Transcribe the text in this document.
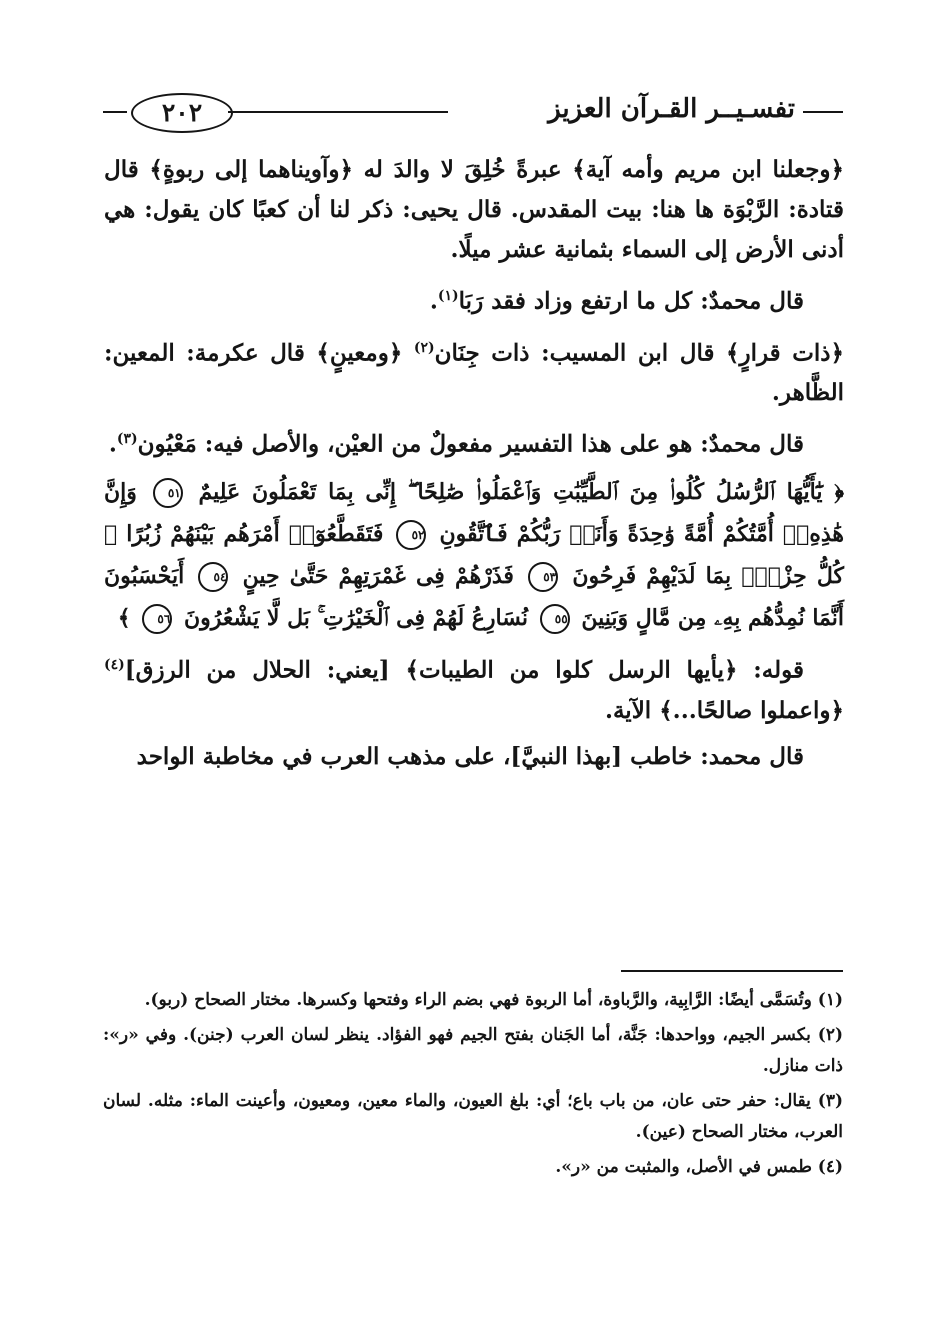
تفسـيــر القـرآن العزيز
٢٠٢

﴿وجعلنا ابن مريم وأمه آية﴾ عبرةً خُلِقَ لا والدَ له ﴿وآويناهما إلى ربوةٍ﴾ قال قتادة: الرَّبْوَة ها هنا: بيت المقدس. قال يحيى: ذكر لنا أن كعبًا كان يقول: هي أدنى الأرض إلى السماء بثمانية عشر ميلًا.

قال محمدٌ: كل ما ارتفع وزاد فقد رَبَا$^{(١)}$.

﴿ذات قرارٍ﴾ قال ابن المسيب: ذات جِنَان$^{(٢)}$ ﴿ومعينٍ﴾ قال عكرمة: المعين: الظَّاهر.

قال محمدٌ: هو على هذا التفسير مفعولٌ من العيْن، والأصل فيه: مَعْيُون$^{(٣)}$.

﴿ يَٰٓأَيُّهَا ٱلرُّسُلُ كُلُوا۟ مِنَ ٱلطَّيِّبَٰتِ وَٱعْمَلُوا۟ صَٰلِحًا ۖ إِنِّى بِمَا تَعْمَلُونَ عَلِيمٌ ٥١ وَإِنَّ هَٰذِهِۦٓ أُمَّتُكُمْ أُمَّةً وَٰحِدَةً وَأَنَا۠ رَبُّكُمْ فَٱتَّقُونِ ٥٢ فَتَقَطَّعُوٓا۟ أَمْرَهُم بَيْنَهُمْ زُبُرًا ۖ كُلُّ حِزْبٍۭ بِمَا لَدَيْهِمْ فَرِحُونَ ٥٣ فَذَرْهُمْ فِى غَمْرَتِهِمْ حَتَّىٰ حِينٍ ٥٤ أَيَحْسَبُونَ أَنَّمَا نُمِدُّهُم بِهِۦ مِن مَّالٍ وَبَنِينَ ٥٥ نُسَارِعُ لَهُمْ فِى ٱلْخَيْرَٰتِ ۚ بَل لَّا يَشْعُرُونَ ٥٦ ﴾

قوله: ﴿يأيها الرسل كلوا من الطيبات﴾ [يعني: الحلال من الرزق]$^{(٤)}$ ﴿واعملوا صالحًا...﴾ الآية.

قال محمد: خاطب [بهذا النبيَّ]، على مذهب العرب في مخاطبة الواحد

(١) وتُسَمَّى أيضًا: الرَّابِية، والرَّباوة، أما الربوة فهي بضم الراء وفتحها وكسرها. مختار الصحاح (ربو).

(٢) بكسر الجيم، وواحدها: جَنَّة، أما الجَنان بفتح الجيم فهو الفؤاد. ينظر لسان العرب (جنن). وفي «ر»: ذات منازل.

(٣) يقال: حفر حتى عان، من باب باع؛ أي: بلغ العيون، والماء معين، ومعيون، وأعينت الماء: مثله. لسان العرب، مختار الصحاح (عين).

(٤) طمس في الأصل، والمثبت من «ر».
